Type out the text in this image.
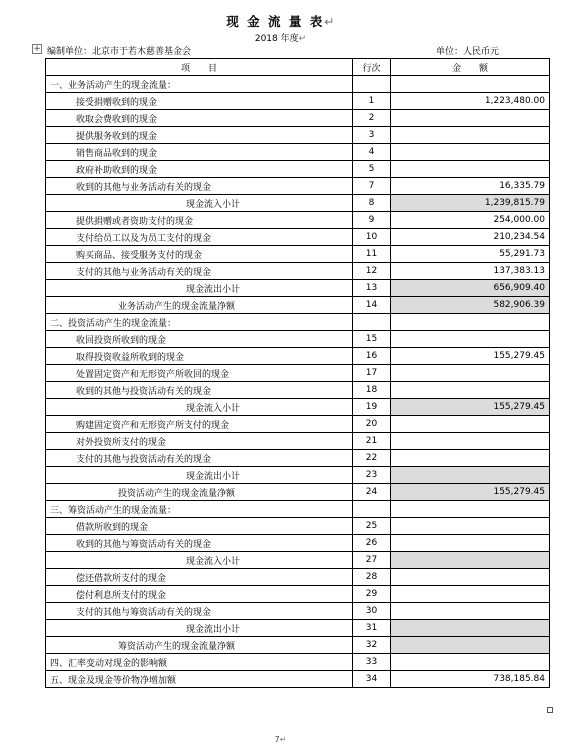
现 金 流 量 表↵
2018 年度↵
+ 编制单位：北京市于若木慈善基金会	单位：人民币元
项　　目	行次	金　　额
一、业务活动产生的现金流量：		
接受捐赠收到的现金	1	1,223,480.00
收取会费收到的现金	2	
提供服务收到的现金	3	
销售商品收到的现金	4	
政府补助收到的现金	5	
收到的其他与业务活动有关的现金	7	16,335.79
现金流入小计	8	1,239,815.79
提供捐赠或者资助支付的现金	9	254,000.00
支付给员工以及为员工支付的现金	10	210,234.54
购买商品、接受服务支付的现金	11	55,291.73
支付的其他与业务活动有关的现金	12	137,383.13
现金流出小计	13	656,909.40
业务活动产生的现金流量净额	14	582,906.39
二、投资活动产生的现金流量：		
收回投资所收到的现金	15	
取得投资收益所收到的现金	16	155,279.45
处置固定资产和无形资产所收回的现金	17	
收到的其他与投资活动有关的现金	18	
现金流入小计	19	155,279.45
购建固定资产和无形资产所支付的现金	20	
对外投资所支付的现金	21	
支付的其他与投资活动有关的现金	22	
现金流出小计	23	
投资活动产生的现金流量净额	24	155,279.45
三、筹资活动产生的现金流量：		
借款所收到的现金	25	
收到的其他与筹资活动有关的现金	26	
现金流入小计	27	
偿还借款所支付的现金	28	
偿付利息所支付的现金	29	
支付的其他与筹资活动有关的现金	30	
现金流出小计	31	
筹资活动产生的现金流量净额	32	
四、汇率变动对现金的影响额	33	
五、现金及现金等价物净增加额	34	738,185.84
7↵
